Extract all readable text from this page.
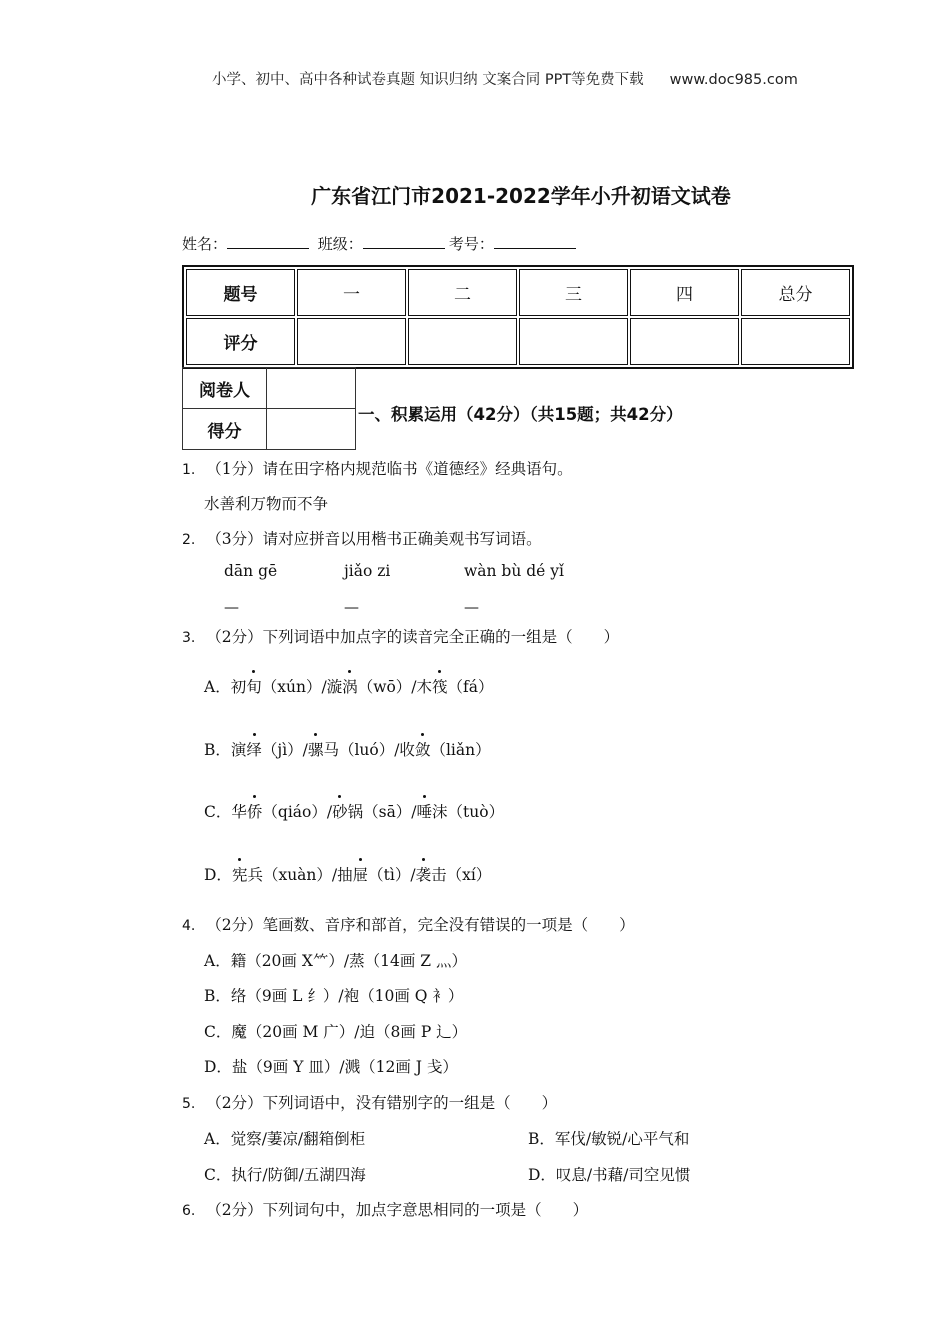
小学、初中、高中各种试卷真题 知识归纳 文案合同 PPT等免费下载 www.doc985.com
广东省江门市2021-2022学年小升初语文试卷
姓名：	班级：	考号：
题号	一	二	三	四	总分
评分					
阅卷人	
得分	
一、积累运用（42分）（共15题；共42分）
1. （1分）请在田字格内规范临书《道德经》经典语句。
水善利万物而不争
2. （3分）请对应拼音以用楷书正确美观书写词语。
dān gē	jiǎo zi	wàn bù dé yǐ
—	—	—
3. （2分）下列词语中加点字的读音完全正确的一组是（　　）
A．初旬（xún）/漩涡（wō）/木筏（fá）
B．演绎（jì）/骡马（luó）/收敛（liǎn）
C．华侨（qiáo）/砂锅（sā）/唾沫（tuò）
D．宪兵（xuàn）/抽屉（tì）/袭击（xí）
4. （2分）笔画数、音序和部首，完全没有错误的一项是（　　）
A．籍（20画 X⺮）/蒸（14画 Z 灬）
B．络（9画 L 纟）/袍（10画 Q 衤）
C．魔（20画 M 广）/迫（8画 P 辶）
D．盐（9画 Y 皿）/溅（12画 J 戋）
5. （2分）下列词语中，没有错别字的一组是（　　）
A．觉察/萋凉/翻箱倒柜	B．军伐/敏锐/心平气和
C．执行/防御/五湖四海	D．叹息/书藉/司空见惯
6. （2分）下列词句中，加点字意思相同的一项是（　　）
